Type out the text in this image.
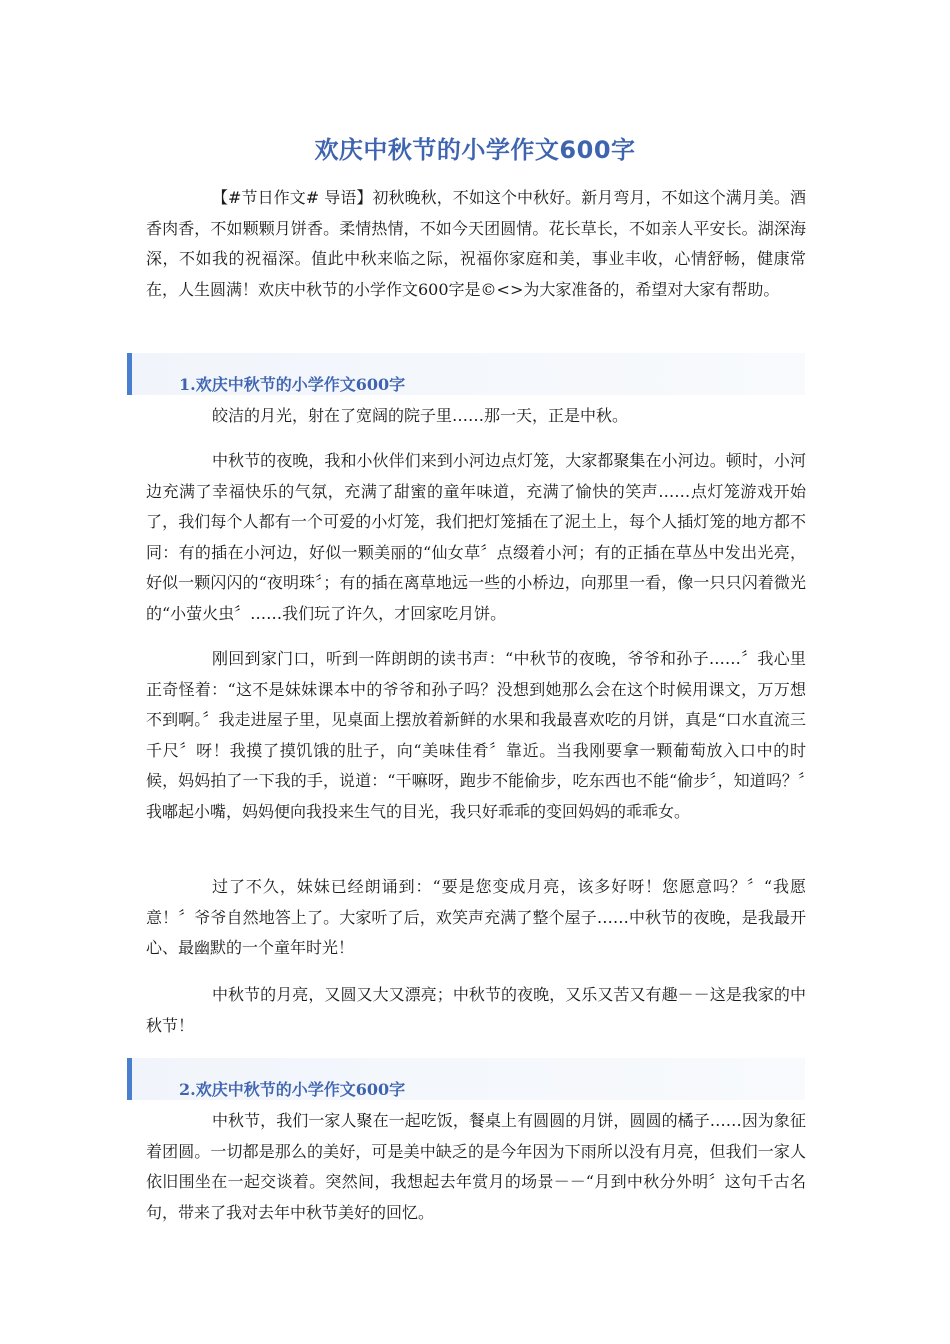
欢庆中秋节的小学作文600字

【#节日作文# 导语】初秋晚秋，不如这个中秋好。新月弯月，不如这个满月美。酒香肉香，不如颗颗月饼香。柔情热情，不如今天团圆情。花长草长，不如亲人平安长。湖深海深，不如我的祝福深。值此中秋来临之际，祝福你家庭和美，事业丰收，心情舒畅，健康常在，人生圆满！欢庆中秋节的小学作文600字是©<>为大家准备的，希望对大家有帮助。

1.欢庆中秋节的小学作文600字

皎洁的月光，射在了宽阔的院子里……那一天，正是中秋。

中秋节的夜晚，我和小伙伴们来到小河边点灯笼，大家都聚集在小河边。顿时，小河边充满了幸福快乐的气氛，充满了甜蜜的童年味道，充满了愉快的笑声……点灯笼游戏开始了，我们每个人都有一个可爱的小灯笼，我们把灯笼插在了泥土上，每个人插灯笼的地方都不同：有的插在小河边，好似一颗美丽的“仙女草〞点缀着小河；有的正插在草丛中发出光亮，好似一颗闪闪的“夜明珠〞；有的插在离草地远一些的小桥边，向那里一看，像一只只闪着微光的“小萤火虫〞……我们玩了许久，才回家吃月饼。

刚回到家门口，听到一阵朗朗的读书声：“中秋节的夜晚，爷爷和孙子……〞我心里正奇怪着：“这不是妹妹课本中的爷爷和孙子吗？没想到她那么会在这个时候用课文，万万想不到啊。〞我走进屋子里，见桌面上摆放着新鲜的水果和我最喜欢吃的月饼，真是“口水直流三千尺〞呀！我摸了摸饥饿的肚子，向“美味佳肴〞靠近。当我刚要拿一颗葡萄放入口中的时候，妈妈拍了一下我的手，说道：“干嘛呀，跑步不能偷步，吃东西也不能“偷步〞，知道吗？〞我嘟起小嘴，妈妈便向我投来生气的目光，我只好乖乖的变回妈妈的乖乖女。

过了不久，妹妹已经朗诵到：“要是您变成月亮，该多好呀！您愿意吗？〞“我愿意！〞爷爷自然地答上了。大家听了后，欢笑声充满了整个屋子……中秋节的夜晚，是我最开心、最幽默的一个童年时光！

中秋节的月亮，又圆又大又漂亮；中秋节的夜晚，又乐又苦又有趣－－这是我家的中秋节！

2.欢庆中秋节的小学作文600字

中秋节，我们一家人聚在一起吃饭，餐桌上有圆圆的月饼，圆圆的橘子……因为象征着团圆。一切都是那么的美好，可是美中缺乏的是今年因为下雨所以没有月亮，但我们一家人依旧围坐在一起交谈着。突然间，我想起去年赏月的场景－－“月到中秋分外明〞这句千古名句，带来了我对去年中秋节美好的回忆。
